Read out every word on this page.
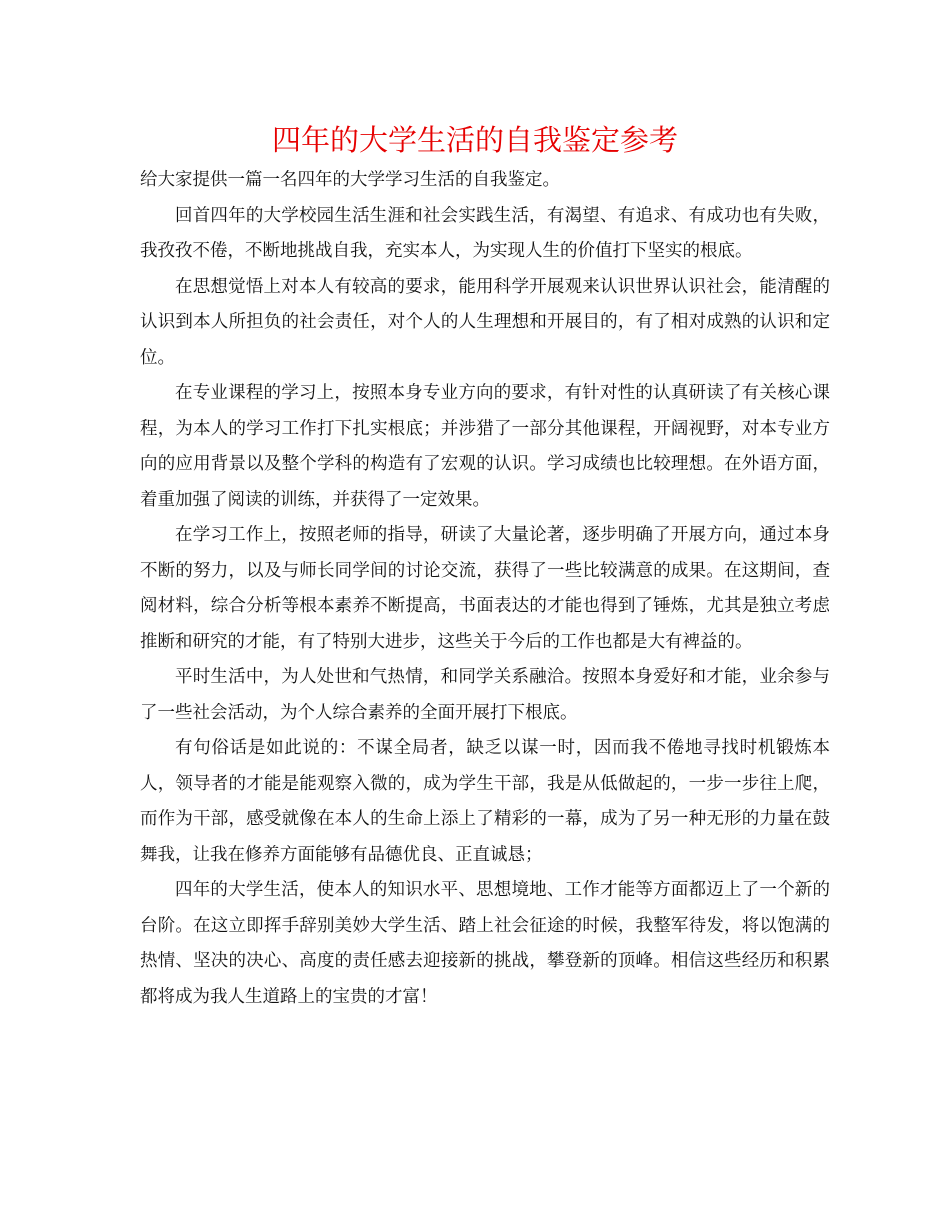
四年的大学生活的自我鉴定参考

给大家提供一篇一名四年的大学学习生活的自我鉴定。

回首四年的大学校园生活生涯和社会实践生活，有渴望、有追求、有成功也有失败，我孜孜不倦，不断地挑战自我，充实本人，为实现人生的价值打下坚实的根底。

在思想觉悟上对本人有较高的要求，能用科学开展观来认识世界认识社会，能清醒的认识到本人所担负的社会责任，对个人的人生理想和开展目的，有了相对成熟的认识和定位。

在专业课程的学习上，按照本身专业方向的要求，有针对性的认真研读了有关核心课程，为本人的学习工作打下扎实根底；并涉猎了一部分其他课程，开阔视野，对本专业方向的应用背景以及整个学科的构造有了宏观的认识。学习成绩也比较理想。在外语方面，着重加强了阅读的训练，并获得了一定效果。

在学习工作上，按照老师的指导，研读了大量论著，逐步明确了开展方向，通过本身不断的努力，以及与师长同学间的讨论交流，获得了一些比较满意的成果。在这期间，查阅材料，综合分析等根本素养不断提高，书面表达的才能也得到了锤炼，尤其是独立考虑推断和研究的才能，有了特别大进步，这些关于今后的工作也都是大有裨益的。

平时生活中，为人处世和气热情，和同学关系融洽。按照本身爱好和才能，业余参与了一些社会活动，为个人综合素养的全面开展打下根底。

有句俗话是如此说的：不谋全局者，缺乏以谋一时，因而我不倦地寻找时机锻炼本人，领导者的才能是能观察入微的，成为学生干部，我是从低做起的，一步一步往上爬，而作为干部，感受就像在本人的生命上添上了精彩的一幕，成为了另一种无形的力量在鼓舞我，让我在修养方面能够有品德优良、正直诚恳；

四年的大学生活，使本人的知识水平、思想境地、工作才能等方面都迈上了一个新的台阶。在这立即挥手辞别美妙大学生活、踏上社会征途的时候，我整军待发，将以饱满的热情、坚决的决心、高度的责任感去迎接新的挑战，攀登新的顶峰。相信这些经历和积累都将成为我人生道路上的宝贵的才富！
